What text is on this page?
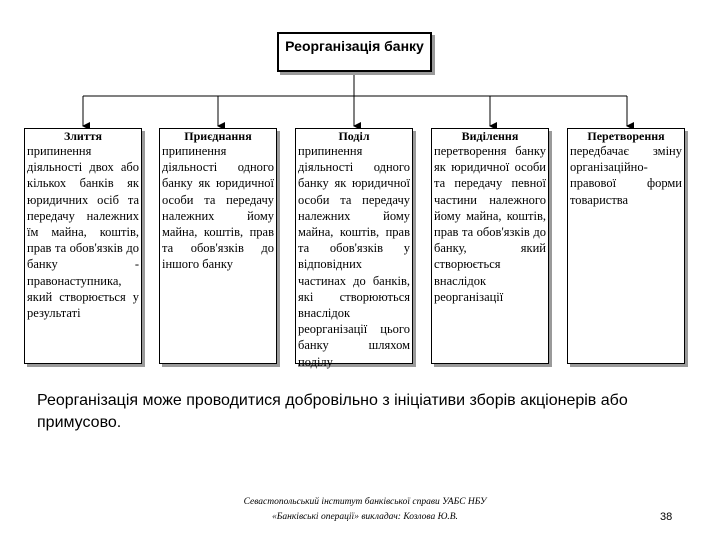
Реорганізація банку
Злиття
припинення діяльності двох або кількох банків як юридичних осіб та передачу належних їм майна, коштів, прав та обов'язків до банку - правонаступника, який створюється у результаті
Приєднання
припинення діяльності одного банку як юридичної особи та передачу належних йому майна, коштів, прав та обов'язків до іншого банку
Поділ
припинення діяльності одного банку як юридичної особи та передачу належних йому майна, коштів, прав та обов'язків у відповідних частинах до банків, які створюються внаслідок реорганізації цього банку шляхом поділу
Виділення
перетворення банку як юридичної особи та передачу певної частини належного йому майна, коштів, прав та обов'язків до банку, який створюється внаслідок реорганізації
Перетворення
передбачає зміну організаційно-правової форми товариства
Реорганізація може проводитися добровільно з ініціативи зборів акціонерів або примусово.
Севастопольський інститут банківської справи УАБС НБУ
«Банківські операції» викладач: Козлова Ю.В.	38
